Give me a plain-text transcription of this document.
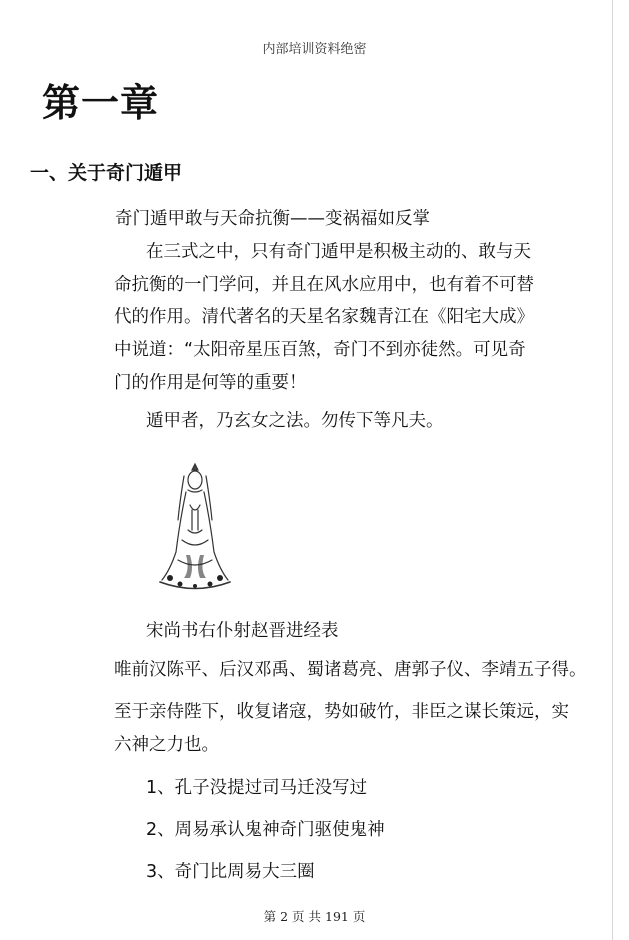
内部培训资料绝密
第一章
一、关于奇门遁甲
奇门遁甲敢与天命抗衡——变祸福如反掌
在三式之中，只有奇门遁甲是积极主动的、敢与天
命抗衡的一门学问，并且在风水应用中，也有着不可替
代的作用。清代著名的天星名家魏青江在《阳宅大成》
中说道：“太阳帝星压百煞，奇门不到亦徒然。可见奇
门的作用是何等的重要！
遁甲者，乃玄女之法。勿传下等凡夫。
宋尚书右仆射赵晋进经表
唯前汉陈平、后汉邓禹、蜀诸葛亮、唐郭子仪、李靖五子得。
至于亲侍陛下，收复诸寇，势如破竹，非臣之谋长策远，实
六神之力也。
1、孔子没提过司马迁没写过
2、周易承认鬼神奇门驱使鬼神
3、奇门比周易大三圈
第 2 页 共 191 页
